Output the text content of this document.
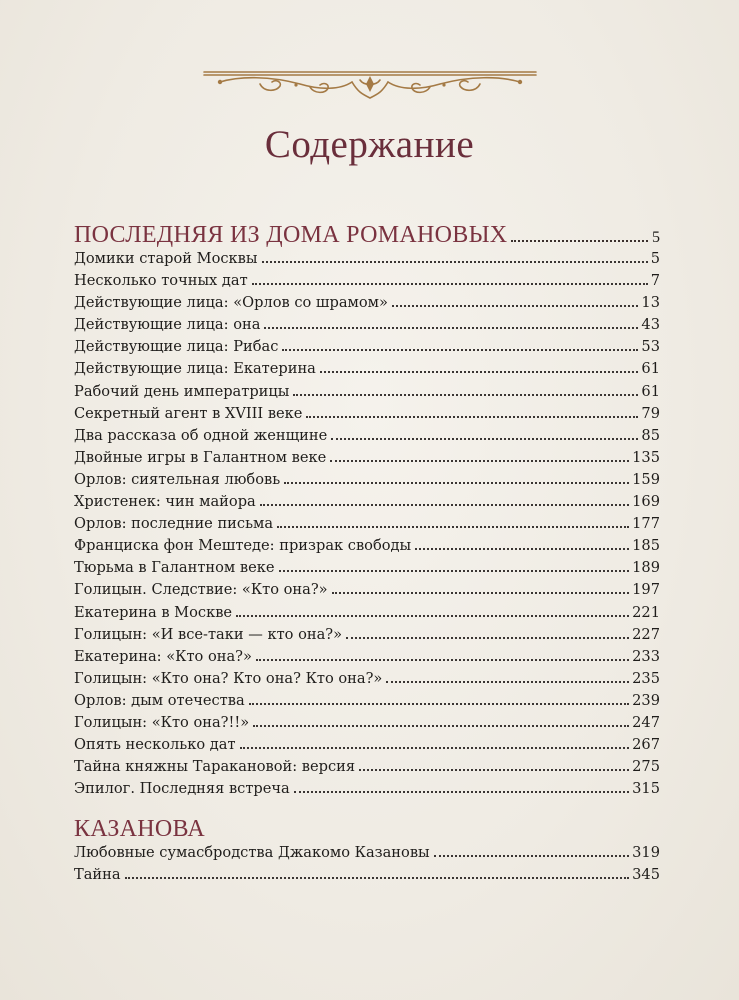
Содержание
ПОСЛЕДНЯЯ ИЗ ДОМА РОМАНОВЫХ	5
Домики старой Москвы	5
Несколько точных дат	7
Действующие лица: «Орлов со шрамом»	13
Действующие лица: она	43
Действующие лица: Рибас	53
Действующие лица: Екатерина	61
Рабочий день императрицы	61
Секретный агент в XVIII веке	79
Два рассказа об одной женщине	85
Двойные игры в Галантном веке	135
Орлов: сиятельная любовь	159
Христенек: чин майора	169
Орлов: последние письма	177
Франциска фон Мештеде: призрак свободы	185
Тюрьма в Галантном веке	189
Голицын. Следствие: «Кто она?»	197
Екатерина в Москве	221
Голицын: «И все-таки — кто она?»	227
Екатерина: «Кто она?»	233
Голицын: «Кто она? Кто она? Кто она?»	235
Орлов: дым отечества	239
Голицын: «Кто она?!!»	247
Опять несколько дат	267
Тайна княжны Таракановой: версия	275
Эпилог. Последняя встреча	315
КАЗАНОВА
Любовные сумасбродства Джакомо Казановы	319
Тайна	345
